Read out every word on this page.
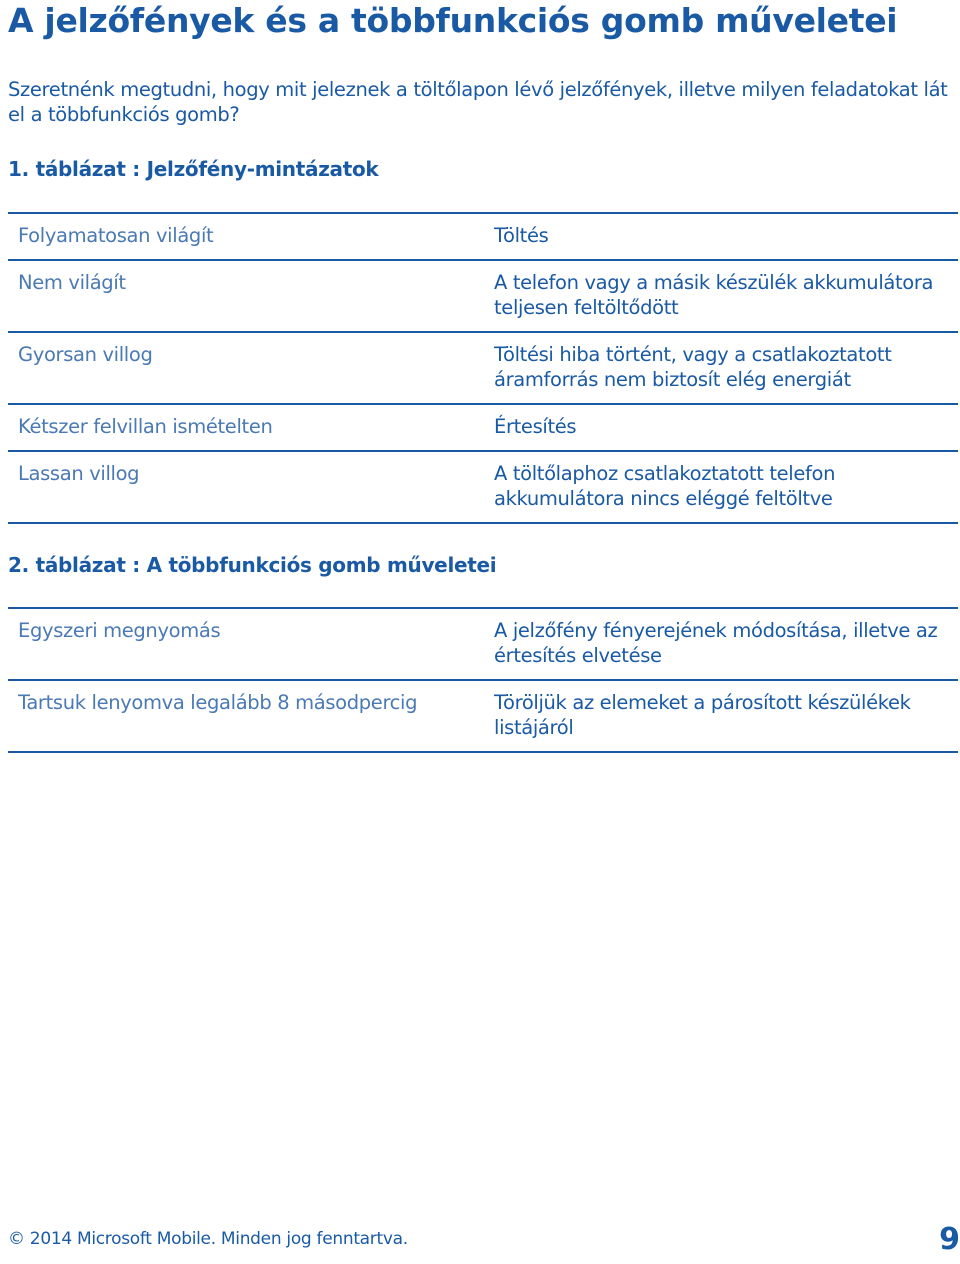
A jelzőfények és a többfunkciós gomb műveletei

Szeretnénk megtudni, hogy mit jeleznek a töltőlapon lévő jelzőfények, illetve milyen feladatokat lát el a többfunkciós gomb?

1. táblázat : Jelzőfény-mintázatok

Folyamatosan világít	Töltés
Nem világít	A telefon vagy a másik készülék akkumulátora teljesen feltöltődött
Gyorsan villog	Töltési hiba történt, vagy a csatlakoztatott áramforrás nem biztosít elég energiát
Kétszer felvillan ismételten	Értesítés
Lassan villog	A töltőlaphoz csatlakoztatott telefon akkumulátora nincs eléggé feltöltve

2. táblázat : A többfunkciós gomb műveletei

Egyszeri megnyomás	A jelzőfény fényerejének módosítása, illetve az értesítés elvetése
Tartsuk lenyomva legalább 8 másodpercig	Töröljük az elemeket a párosított készülékek listájáról

© 2014 Microsoft Mobile. Minden jog fenntartva.	9
